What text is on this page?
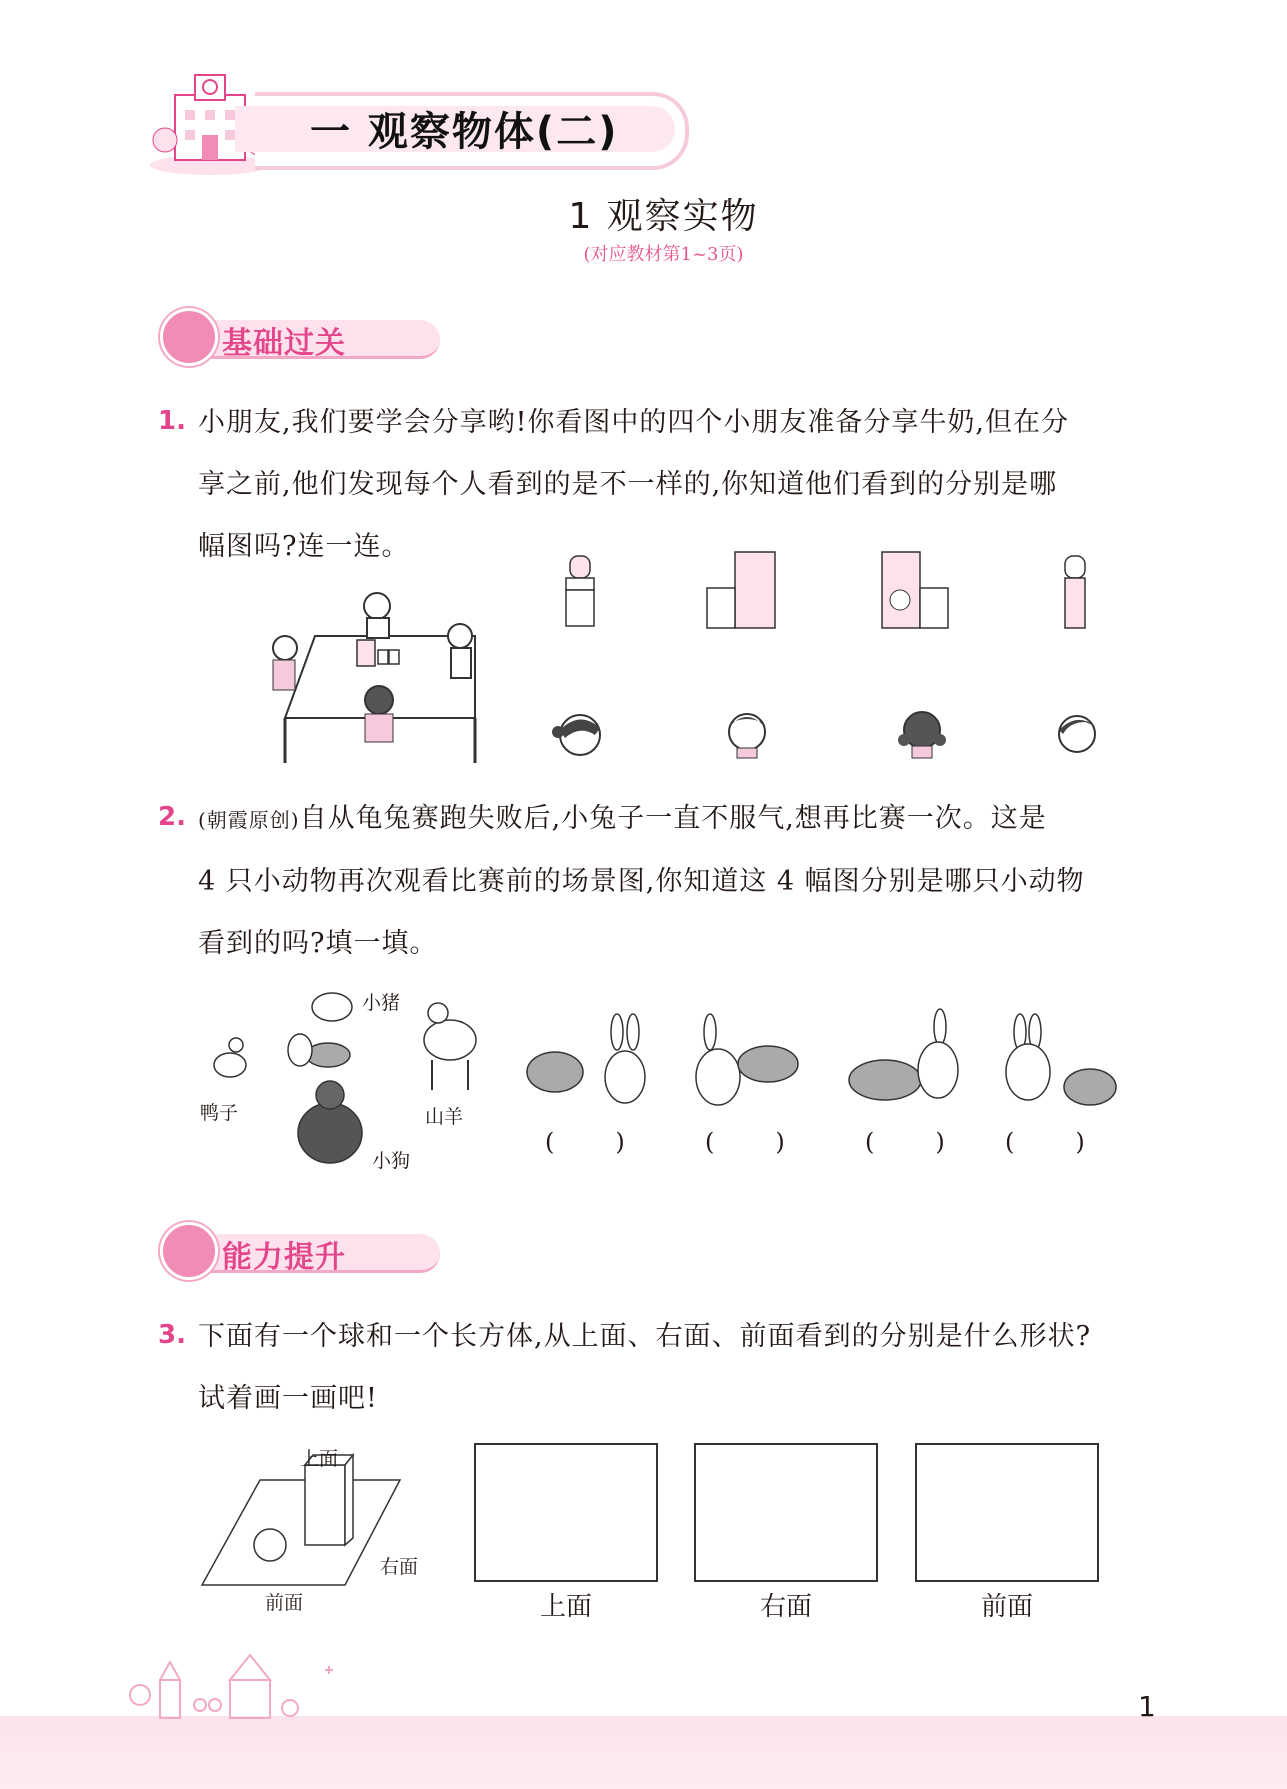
一 观察物体(二)
1 观察实物
(对应教材第1~3页)
基础过关
1. 小朋友,我们要学会分享哟!你看图中的四个小朋友准备分享牛奶,但在分
享之前,他们发现每个人看到的是不一样的,你知道他们看到的分别是哪
幅图吗?连一连。
2. (朝霞原创)自从龟兔赛跑失败后,小兔子一直不服气,想再比赛一次。这是
4 只小动物再次观看比赛前的场景图,你知道这 4 幅图分别是哪只小动物
看到的吗?填一填。
小猪
鸭子	山羊
小狗
(        )	(        )	(        )	(        )
能力提升
3. 下面有一个球和一个长方体,从上面、右面、前面看到的分别是什么形状?
试着画一画吧!
上面
右面
前面	上面	右面	前面
1
